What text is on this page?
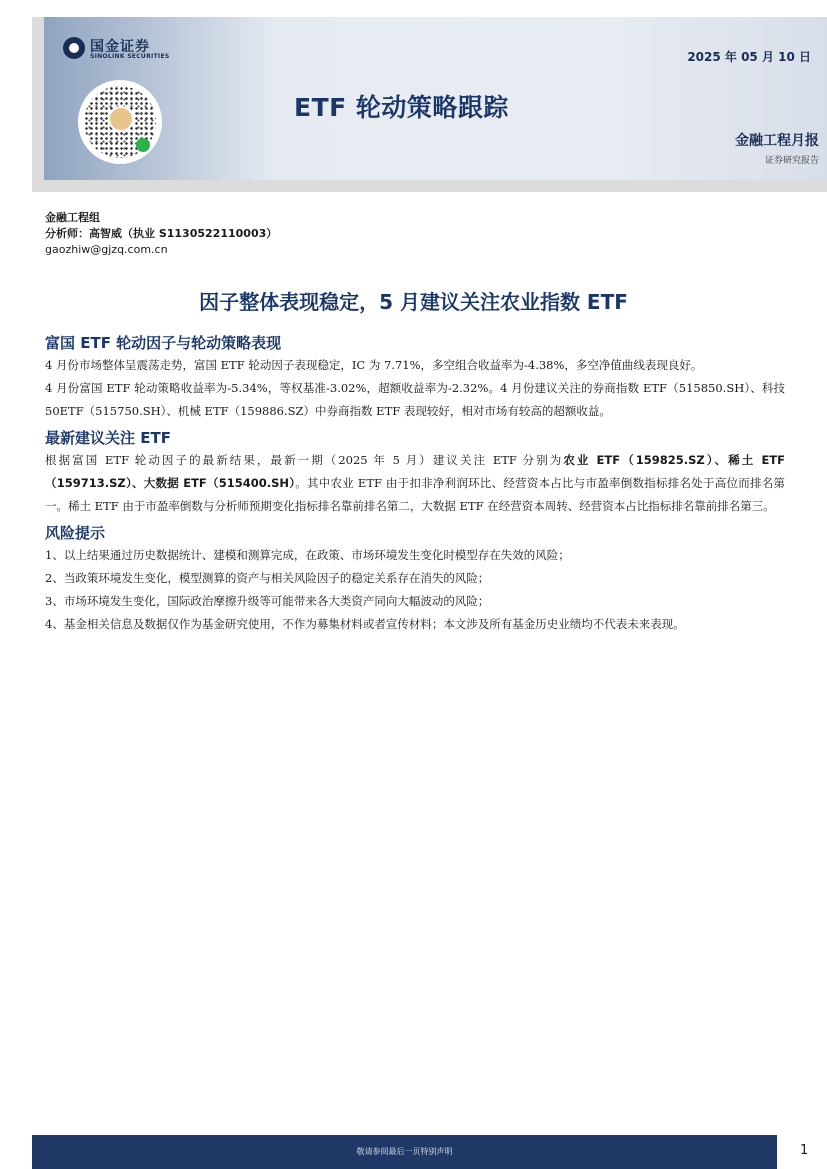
国金证券
SINOLINK SECURITIES	2025 年 05 月 10 日
ETF 轮动策略跟踪
金融工程月报
证券研究报告
金融工程组
分析师：高智威（执业 S1130522110003）
gaozhiw@gjzq.com.cn
因子整体表现稳定，5 月建议关注农业指数 ETF
富国 ETF 轮动因子与轮动策略表现

4 月份市场整体呈震荡走势，富国 ETF 轮动因子表现稳定，IC 为 7.71%，多空组合收益率为-4.38%，多空净值曲线表现良好。

4 月份富国 ETF 轮动策略收益率为-5.34%，等权基准-3.02%，超额收益率为-2.32%。4 月份建议关注的券商指数 ETF（515850.SH）、科技 50ETF（515750.SH）、机械 ETF（159886.SZ）中券商指数 ETF 表现较好，相对市场有较高的超额收益。

最新建议关注 ETF

根据富国 ETF 轮动因子的最新结果，最新一期（2025 年 5 月）建议关注 ETF 分别为农业 ETF（159825.SZ）、稀土 ETF（159713.SZ）、大数据 ETF（515400.SH）。其中农业 ETF 由于扣非净利润环比、经营资本占比与市盈率倒数指标排名处于高位而排名第一。稀土 ETF 由于市盈率倒数与分析师预期变化指标排名靠前排名第二，大数据 ETF 在经营资本周转、经营资本占比指标排名靠前排名第三。

风险提示

1、以上结果通过历史数据统计、建模和测算完成，在政策、市场环境发生变化时模型存在失效的风险；

2、当政策环境发生变化，模型测算的资产与相关风险因子的稳定关系存在消失的风险；

3、市场环境发生变化，国际政治摩擦升级等可能带来各大类资产同向大幅波动的风险；

4、基金相关信息及数据仅作为基金研究使用，不作为募集材料或者宣传材料；本文涉及所有基金历史业绩均不代表未来表现。

敬请参阅最后一页特别声明	1
